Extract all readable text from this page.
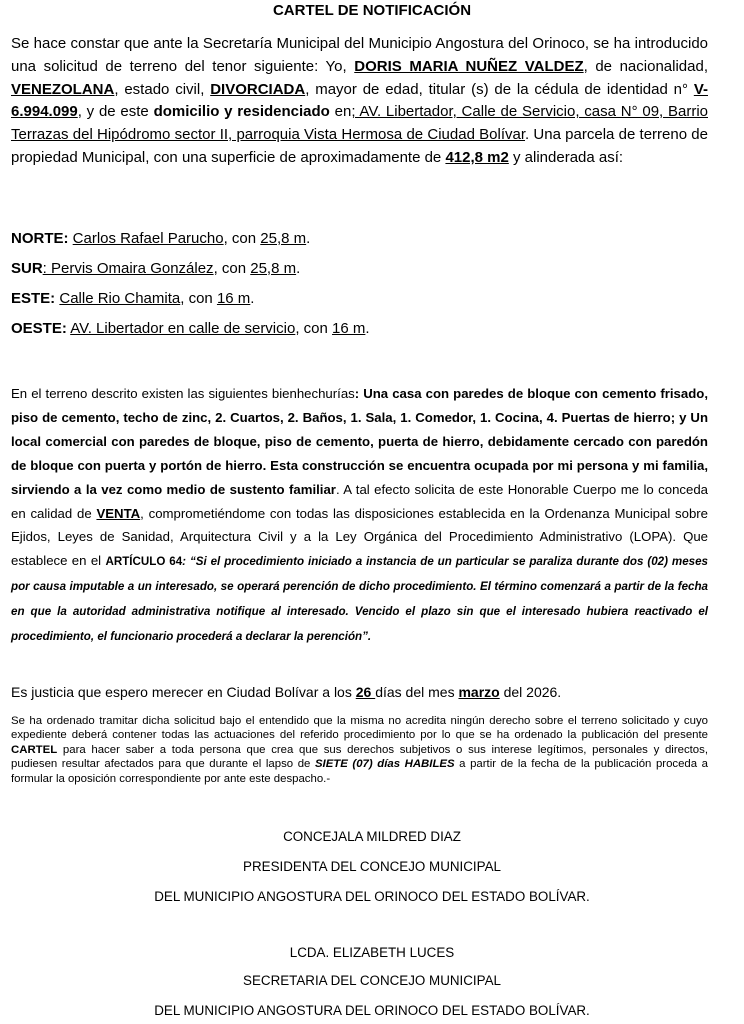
CARTEL DE NOTIFICACIÓN
Se hace constar que ante la Secretaría Municipal del Municipio Angostura del Orinoco, se ha introducido una solicitud de terreno del tenor siguiente: Yo, DORIS MARIA NUÑEZ VALDEZ, de nacionalidad, VENEZOLANA, estado civil, DIVORCIADA, mayor de edad, titular (s) de la cédula de identidad n° V-6.994.099, y de este domicilio y residenciado en; AV. Libertador, Calle de Servicio, casa N° 09, Barrio Terrazas del Hipódromo sector II, parroquia Vista Hermosa de Ciudad Bolívar. Una parcela de terreno de propiedad Municipal, con una superficie de aproximadamente de 412,8 m2 y alinderada así:
NORTE: Carlos Rafael Parucho, con 25,8 m.
SUR: Pervis Omaira González, con 25,8 m.
ESTE: Calle Rio Chamita, con 16 m.
OESTE: AV. Libertador en calle de servicio, con 16 m.
En el terreno descrito existen las siguientes bienhechurías: Una casa con paredes de bloque con cemento frisado, piso de cemento, techo de zinc, 2. Cuartos, 2. Baños, 1. Sala, 1. Comedor, 1. Cocina, 4. Puertas de hierro; y Un local comercial con paredes de bloque, piso de cemento, puerta de hierro, debidamente cercado con paredón de bloque con puerta y portón de hierro. Esta construcción se encuentra ocupada por mi persona y mi familia, sirviendo a la vez como medio de sustento familiar. A tal efecto solicita de este Honorable Cuerpo me lo conceda en calidad de VENTA, comprometiéndome con todas las disposiciones establecida en la Ordenanza Municipal sobre Ejidos, Leyes de Sanidad, Arquitectura Civil y a la Ley Orgánica del Procedimiento Administrativo (LOPA). Que establece en el ARTÍCULO 64: “Si el procedimiento iniciado a instancia de un particular se paraliza durante dos (02) meses por causa imputable a un interesado, se operará perención de dicho procedimiento. El término comenzará a partir de la fecha en que la autoridad administrativa notifique al interesado. Vencido el plazo sin que el interesado hubiera reactivado el procedimiento, el funcionario procederá a declarar la perención”.
Es justicia que espero merecer en Ciudad Bolívar a los 26 días del mes marzo del 2026.
Se ha ordenado tramitar dicha solicitud bajo el entendido que la misma no acredita ningún derecho sobre el terreno solicitado y cuyo expediente deberá contener todas las actuaciones del referido procedimiento por lo que se ha ordenado la publicación del presente CARTEL para hacer saber a toda persona que crea que sus derechos subjetivos o sus interese legítimos, personales y directos, pudiesen resultar afectados para que durante el lapso de SIETE (07) días HABILES a partir de la fecha de la publicación proceda a formular la oposición correspondiente por ante este despacho.-
CONCEJALA MILDRED DIAZ
PRESIDENTA DEL CONCEJO MUNICIPAL
DEL MUNICIPIO ANGOSTURA DEL ORINOCO DEL ESTADO BOLÍVAR.
LCDA. ELIZABETH LUCES
SECRETARIA DEL CONCEJO MUNICIPAL
DEL MUNICIPIO ANGOSTURA DEL ORINOCO DEL ESTADO BOLÍVAR.
